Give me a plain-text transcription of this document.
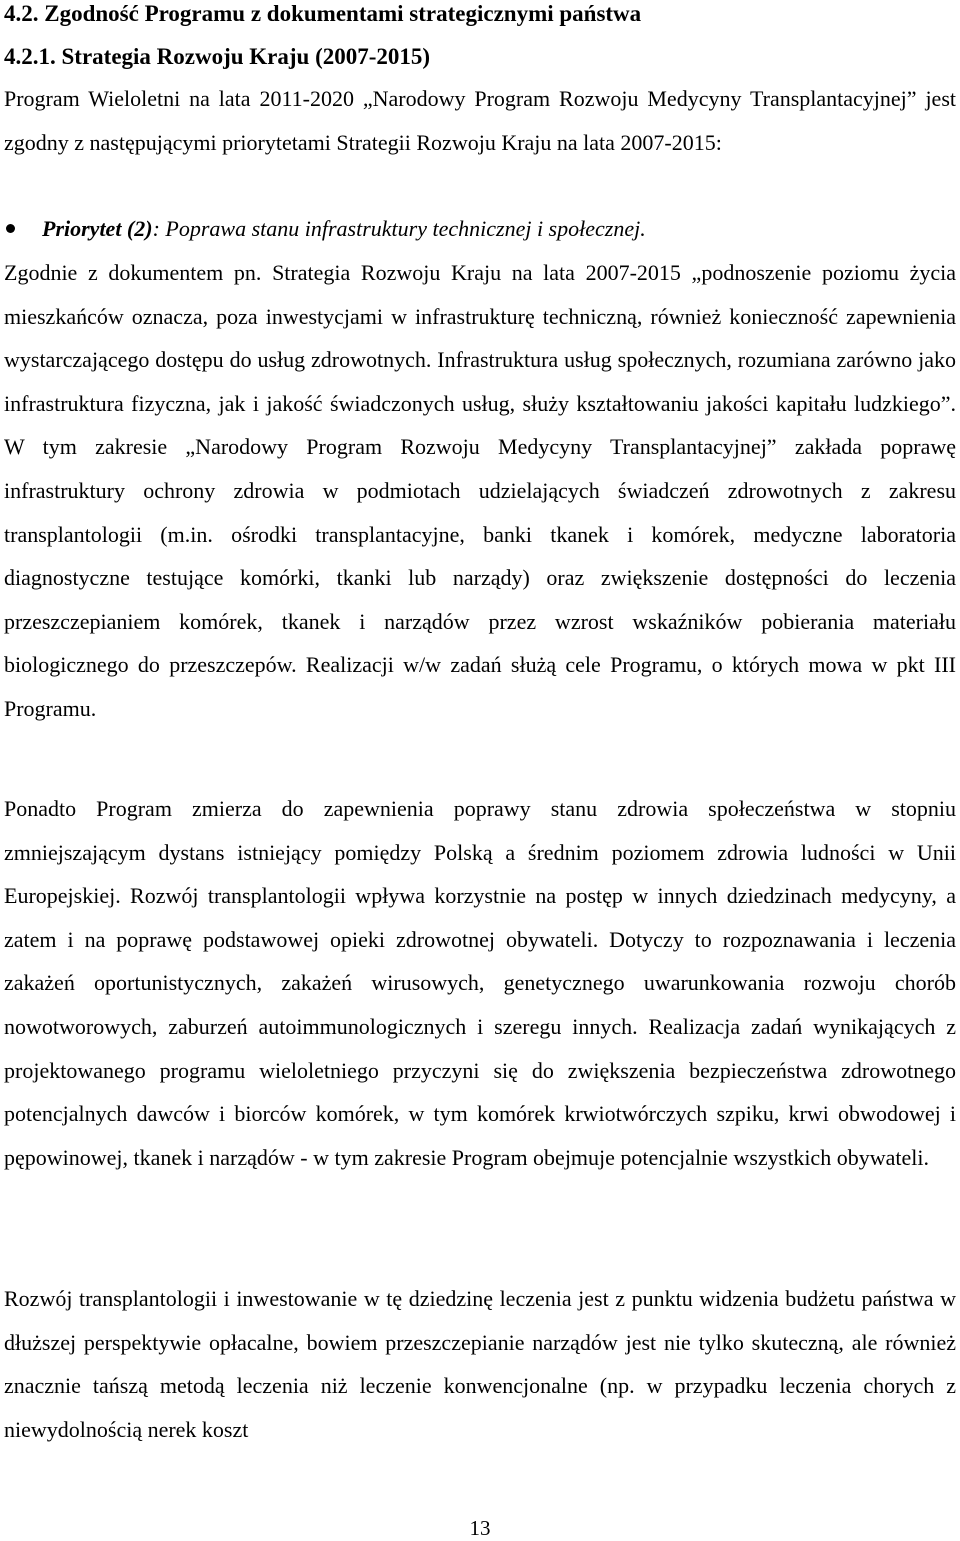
4.2. Zgodność Programu z dokumentami strategicznymi państwa
4.2.1. Strategia Rozwoju Kraju (2007-2015)

Program Wieloletni na lata 2011-2020 „Narodowy Program Rozwoju Medycyny Transplantacyjnej” jest zgodny z następującymi priorytetami Strategii Rozwoju Kraju na lata 2007-2015:

Priorytet (2): Poprawa stanu infrastruktury technicznej i społecznej.

Zgodnie z dokumentem pn. Strategia Rozwoju Kraju na lata 2007-2015 „podnoszenie poziomu życia mieszkańców oznacza, poza inwestycjami w infrastrukturę techniczną, również konieczność zapewnienia wystarczającego dostępu do usług zdrowotnych. Infrastruktura usług społecznych, rozumiana zarówno jako infrastruktura fizyczna, jak i jakość świadczonych usług, służy kształtowaniu jakości kapitału ludzkiego”. W tym zakresie „Narodowy Program Rozwoju Medycyny Transplantacyjnej” zakłada poprawę infrastruktury ochrony zdrowia w podmiotach udzielających świadczeń zdrowotnych z zakresu transplantologii (m.in. ośrodki transplantacyjne, banki tkanek i komórek, medyczne laboratoria diagnostyczne testujące komórki, tkanki lub narządy) oraz zwiększenie dostępności do leczenia przeszczepianiem komórek, tkanek i narządów przez wzrost wskaźników pobierania materiału biologicznego do przeszczepów. Realizacji w/w zadań służą cele Programu, o których mowa w pkt III Programu.

Ponadto Program zmierza do zapewnienia poprawy stanu zdrowia społeczeństwa w stopniu zmniejszającym dystans istniejący pomiędzy Polską a średnim poziomem zdrowia ludności w Unii Europejskiej. Rozwój transplantologii wpływa korzystnie na postęp w innych dziedzinach medycyny, a zatem i na poprawę podstawowej opieki zdrowotnej obywateli. Dotyczy to rozpoznawania i leczenia zakażeń oportunistycznych, zakażeń wirusowych, genetycznego uwarunkowania rozwoju chorób nowotworowych, zaburzeń autoimmunologicznych i szeregu innych. Realizacja zadań wynikających z projektowanego programu wieloletniego przyczyni się do zwiększenia bezpieczeństwa zdrowotnego potencjalnych dawców i biorców komórek, w tym komórek krwiotwórczych szpiku, krwi obwodowej i pępowinowej, tkanek i narządów - w tym zakresie Program obejmuje potencjalnie wszystkich obywateli.

Rozwój transplantologii i inwestowanie w tę dziedzinę leczenia jest z punktu widzenia budżetu państwa w dłuższej perspektywie opłacalne, bowiem przeszczepianie narządów jest nie tylko skuteczną, ale również znacznie tańszą metodą leczenia niż leczenie konwencjonalne (np. w przypadku leczenia chorych z niewydolnością nerek koszt

13
